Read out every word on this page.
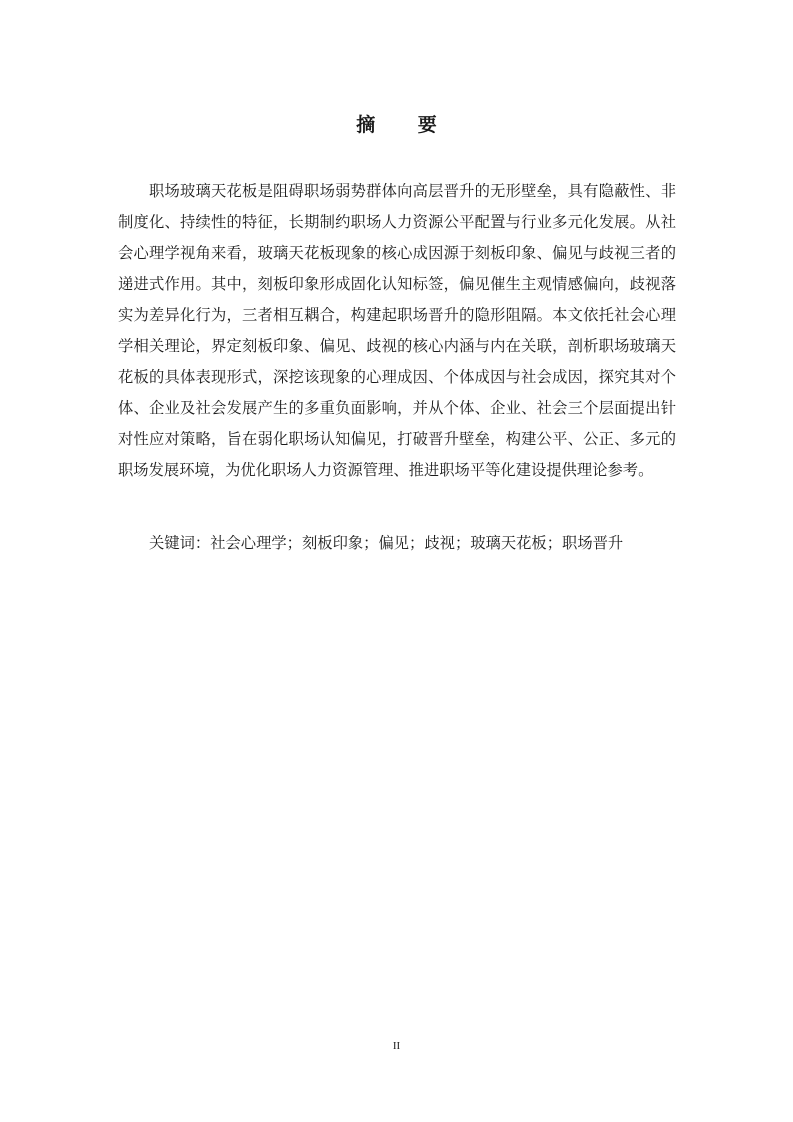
摘 要

职场玻璃天花板是阻碍职场弱势群体向高层晋升的无形壁垒，具有隐蔽性、非制度化、持续性的特征，长期制约职场人力资源公平配置与行业多元化发展。从社会心理学视角来看，玻璃天花板现象的核心成因源于刻板印象、偏见与歧视三者的递进式作用。其中，刻板印象形成固化认知标签，偏见催生主观情感偏向，歧视落实为差异化行为，三者相互耦合，构建起职场晋升的隐形阻隔。本文依托社会心理学相关理论，界定刻板印象、偏见、歧视的核心内涵与内在关联，剖析职场玻璃天花板的具体表现形式，深挖该现象的心理成因、个体成因与社会成因，探究其对个体、企业及社会发展产生的多重负面影响，并从个体、企业、社会三个层面提出针对性应对策略，旨在弱化职场认知偏见，打破晋升壁垒，构建公平、公正、多元的职场发展环境，为优化职场人力资源管理、推进职场平等化建设提供理论参考。

关键词：社会心理学；刻板印象；偏见；歧视；玻璃天花板；职场晋升

II
